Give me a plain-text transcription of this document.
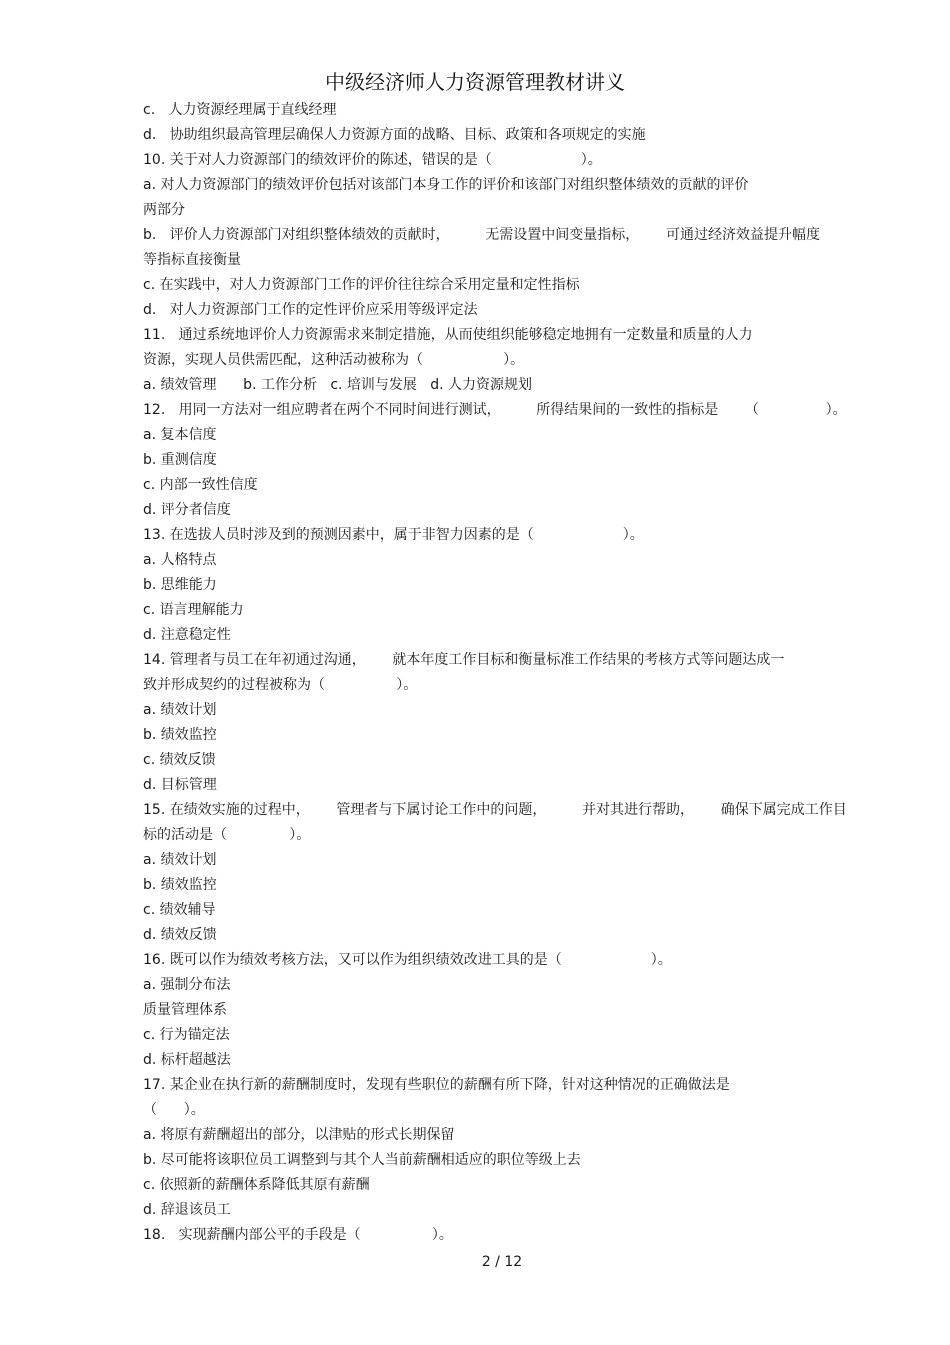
中级经济师人力资源管理教材讲义
c.   人力资源经理属于直线经理
d.   协助组织最高管理层确保人力资源方面的战略、目标、政策和各项规定的实施
10. 关于对人力资源部门的绩效评价的陈述，错误的是（                    ）。
a. 对人力资源部门的绩效评价包括对该部门本身工作的评价和该部门对组织整体绩效的贡献的评价
两部分
b.   评价人力资源部门对组织整体绩效的贡献时，        无需设置中间变量指标，      可通过经济效益提升幅度
等指标直接衡量
c. 在实践中，对人力资源部门工作的评价往往综合采用定量和定性指标
d.   对人力资源部门工作的定性评价应采用等级评定法
11.   通过系统地评价人力资源需求来制定措施，从而使组织能够稳定地拥有一定数量和质量的人力
资源，实现人员供需匹配，这种活动被称为（                  ）。
a. 绩效管理      b. 工作分析   c. 培训与发展   d. 人力资源规划
12.   用同一方法对一组应聘者在两个不同时间进行测试，        所得结果间的一致性的指标是      （               ）。
a. 复本信度
b. 重测信度
c. 内部一致性信度
d. 评分者信度
13. 在选拔人员时涉及到的预测因素中，属于非智力因素的是（                    ）。
a. 人格特点
b. 思维能力
c. 语言理解能力
d. 注意稳定性
14. 管理者与员工在年初通过沟通，      就本年度工作目标和衡量标准工作结果的考核方式等问题达成一
致并形成契约的过程被称为（                ）。
a. 绩效计划
b. 绩效监控
c. 绩效反馈
d. 目标管理
15. 在绩效实施的过程中，      管理者与下属讨论工作中的问题，        并对其进行帮助，      确保下属完成工作目
标的活动是（              ）。
a. 绩效计划
b. 绩效监控
c. 绩效辅导
d. 绩效反馈
16. 既可以作为绩效考核方法，又可以作为组织绩效改进工具的是（                    ）。
a. 强制分布法
质量管理体系
c. 行为锚定法
d. 标杆超越法
17. 某企业在执行新的薪酬制度时，发现有些职位的薪酬有所下降，针对这种情况的正确做法是
（      ）。
a. 将原有薪酬超出的部分，以津贴的形式长期保留
b. 尽可能将该职位员工调整到与其个人当前薪酬相适应的职位等级上去
c. 依照新的薪酬体系降低其原有薪酬
d. 辞退该员工
18.   实现薪酬内部公平的手段是（                ）。
2 / 12
